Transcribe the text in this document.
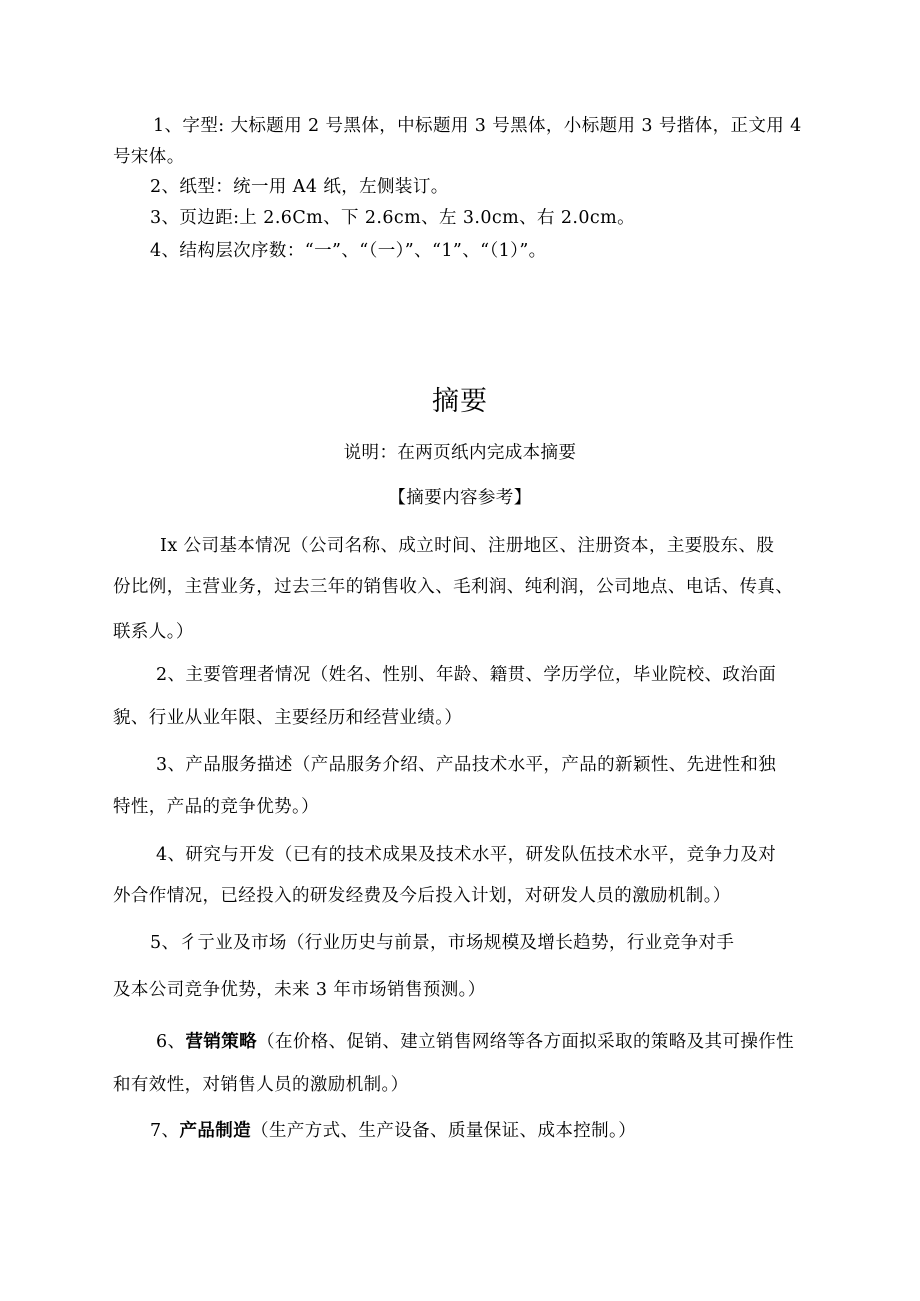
1、字型: 大标题用 2 号黑体，中标题用 3 号黑体，小标题用 3 号揩体，正文用 4
号宋体。
2、纸型：统一用 A4 纸，左侧装订。
3、页边距:上 2.6Cm、下 2.6cm、左 3.0cm、右 2.0cm。
4、结构层次序数：“一”、“（一）”、“1”、“（1）”。
摘要
说明：在两页纸内完成本摘要
【摘要内容参考】
Ix 公司基本情况（公司名称、成立时间、注册地区、注册资本，主要股东、股
份比例，主营业务，过去三年的销售收入、毛利润、纯利润，公司地点、电话、传真、
联系人。）
2、主要管理者情况（姓名、性别、年龄、籍贯、学历学位，毕业院校、政治面
貌、行业从业年限、主要经历和经营业绩。）
3、产品服务描述（产品服务介绍、产品技术水平，产品的新颖性、先进性和独
特性，产品的竞争优势。）
4、研究与开发（已有的技术成果及技术水平，研发队伍技术水平，竞争力及对
外合作情况，已经投入的研发经费及今后投入计划，对研发人员的激励机制。）
5、彳亍业及市场（行业历史与前景，市场规模及增长趋势，行业竞争对手
及本公司竞争优势，未来 3 年市场销售预测。）
6、营销策略（在价格、促销、建立销售网络等各方面拟采取的策略及其可操作性
和有效性，对销售人员的激励机制。）
7、产品制造（生产方式、生产设备、质量保证、成本控制。）
